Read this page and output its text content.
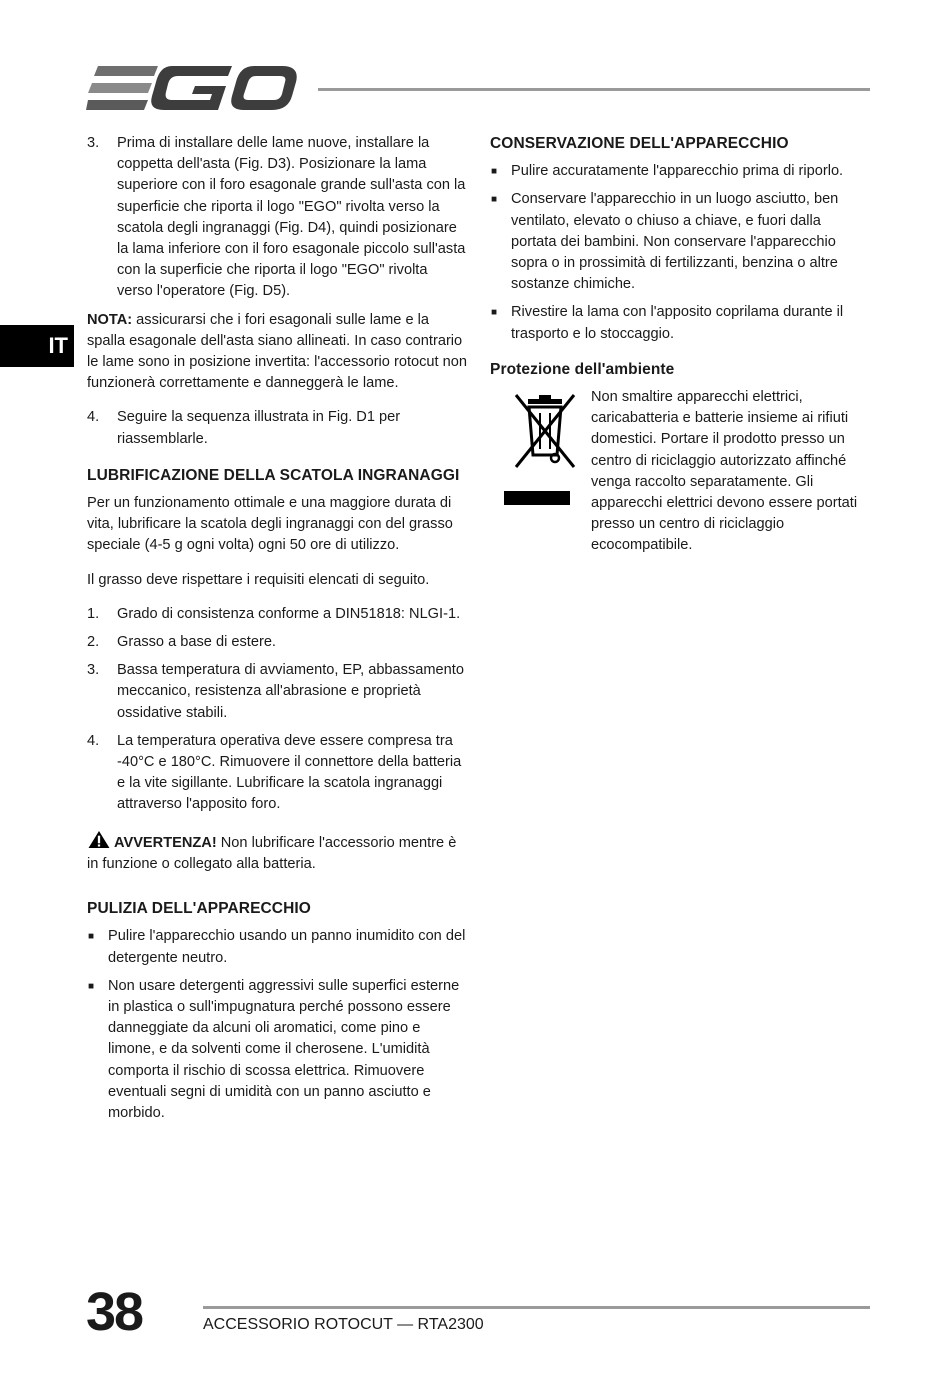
IT
3.	Prima di installare delle lame nuove, installare la coppetta dell'asta (Fig. D3). Posizionare la lama superiore con il foro esagonale grande sull'asta con la superficie che riporta il logo "EGO" rivolta verso la scatola degli ingranaggi (Fig. D4), quindi posizionare la lama inferiore con il foro esagonale piccolo sull'asta con la superficie che riporta il logo "EGO" rivolta verso l'operatore (Fig. D5).

NOTA: assicurarsi che i fori esagonali sulle lame e la spalla esagonale dell'asta siano allineati. In caso contrario le lame sono in posizione invertita: l'accessorio rotocut non funzionerà correttamente e danneggerà le lame.

4.	Seguire la sequenza illustrata in Fig. D1 per riassemblarle.
LUBRIFICAZIONE DELLA SCATOLA INGRANAGGI

Per un funzionamento ottimale e una maggiore durata di vita, lubrificare la scatola degli ingranaggi con del grasso speciale (4-5 g ogni volta) ogni 50 ore di utilizzo.

Il grasso deve rispettare i requisiti elencati di seguito.

1.	Grado di consistenza conforme a DIN51818: NLGI-1.
2.	Grasso a base di estere.
3.	Bassa temperatura di avviamento, EP, abbassamento meccanico, resistenza all'abrasione e proprietà ossidative stabili.
4.	La temperatura operativa deve essere compresa tra -40°C e 180°C. Rimuovere il connettore della batteria e la vite sigillante. Lubrificare la scatola ingranaggi attraverso l'apposito foro.

AVVERTENZA! Non lubrificare l'accessorio mentre è in funzione o collegato alla batteria.

PULIZIA DELL'APPARECCHIO
■ Pulire l'apparecchio usando un panno inumidito con del detergente neutro.
■ Non usare detergenti aggressivi sulle superfici esterne in plastica o sull'impugnatura perché possono essere danneggiate da alcuni oli aromatici, come pino e limone, e da solventi come il cherosene. L'umidità comporta il rischio di scossa elettrica. Rimuovere eventuali segni di umidità con un panno asciutto e morbido.
CONSERVAZIONE DELL'APPARECCHIO
■ Pulire accuratamente l'apparecchio prima di riporlo.
■ Conservare l'apparecchio in un luogo asciutto, ben ventilato, elevato o chiuso a chiave, e fuori dalla portata dei bambini. Non conservare l'apparecchio sopra o in prossimità di fertilizzanti, benzina o altre sostanze chimiche.
■ Rivestire la lama con l'apposito coprilama durante il trasporto e lo stoccaggio.
Protezione dell'ambiente
Non smaltire apparecchi elettrici, caricabatteria e batterie insieme ai rifiuti domestici. Portare il prodotto presso un centro di riciclaggio autorizzato affinché venga raccolto separatamente. Gli apparecchi elettrici devono essere portati presso un centro di riciclaggio ecocompatibile.
38	ACCESSORIO ROTOCUT — RTA2300
